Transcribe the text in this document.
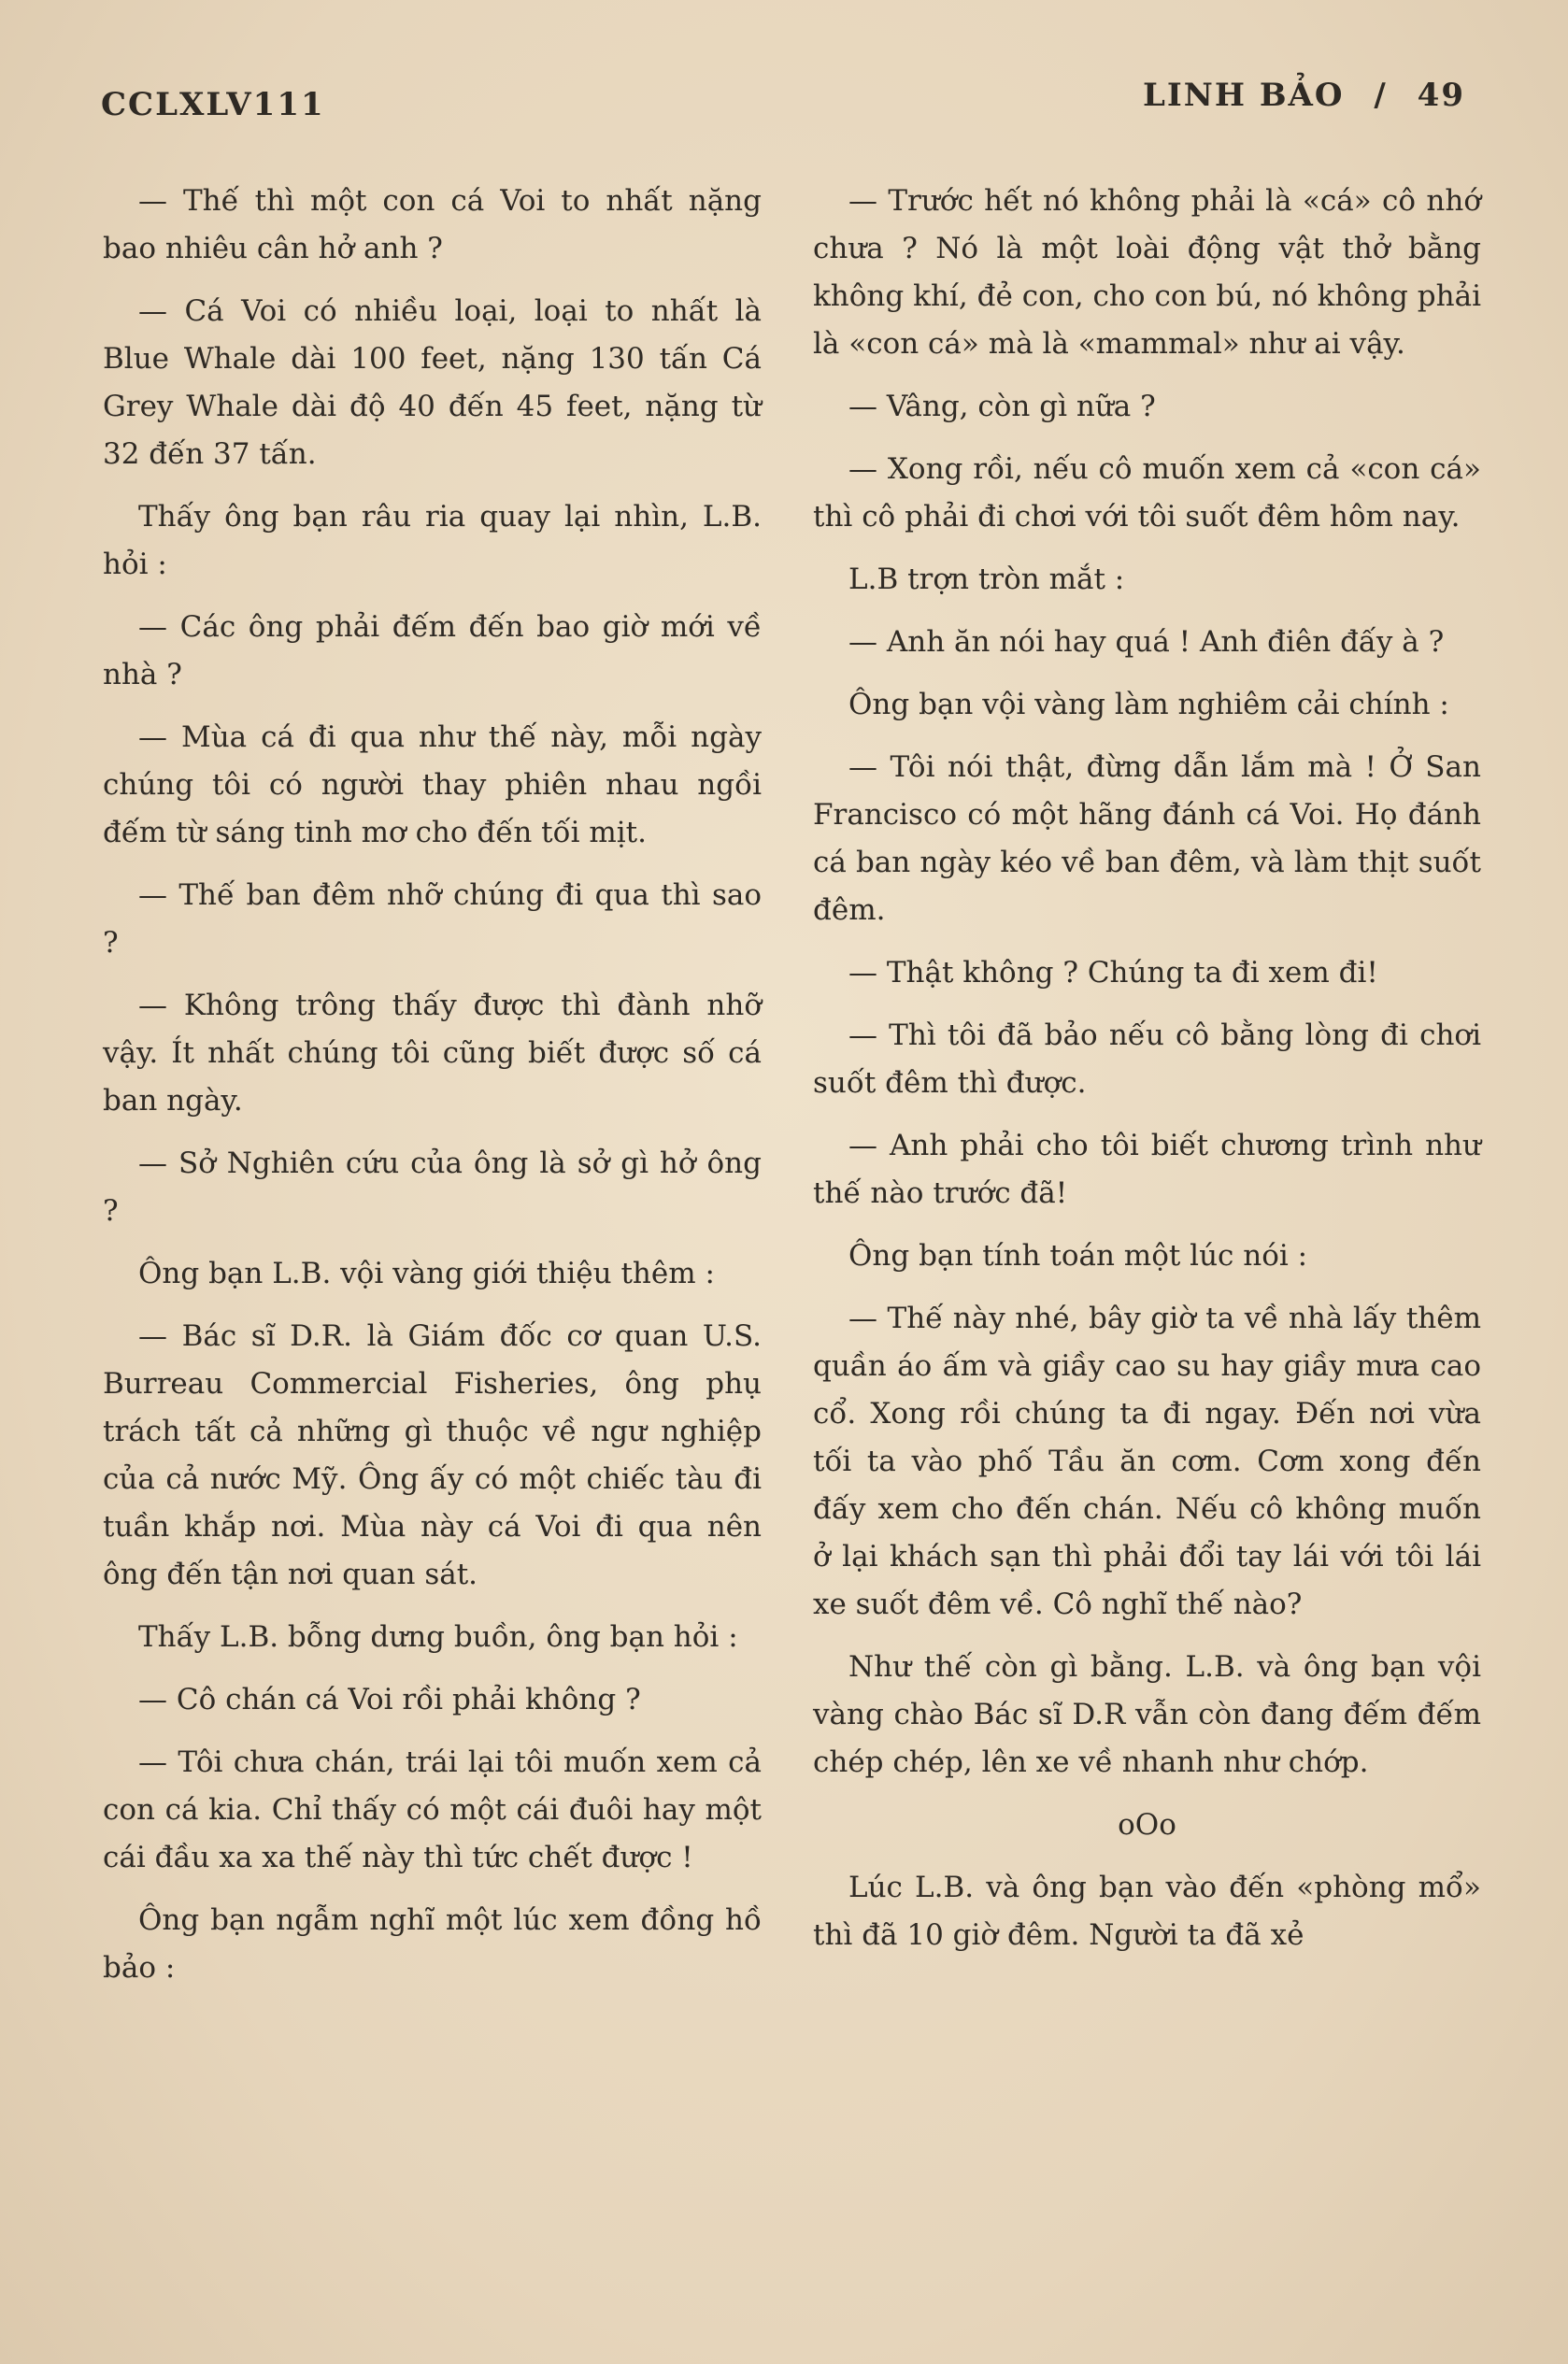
CCLXLV111	LINH BẢO / 49

— Thế thì một con cá Voi to nhất nặng bao nhiêu cân hở anh ?

— Cá Voi có nhiều loại, loại to nhất là Blue Whale dài 100 feet, nặng 130 tấn Cá Grey Whale dài độ 40 đến 45 feet, nặng từ 32 đến 37 tấn.

Thấy ông bạn râu ria quay lại nhìn, L.B. hỏi :

— Các ông phải đếm đến bao giờ mới về nhà ?

— Mùa cá đi qua như thế này, mỗi ngày chúng tôi có người thay phiên nhau ngồi đếm từ sáng tinh mơ cho đến tối mịt.

— Thế ban đêm nhỡ chúng đi qua thì sao ?

— Không trông thấy được thì đành nhỡ vậy. Ít nhất chúng tôi cũng biết được số cá ban ngày.

— Sở Nghiên cứu của ông là sở gì hở ông ?

Ông bạn L.B. vội vàng giới thiệu thêm :

— Bác sĩ D.R. là Giám đốc cơ quan U.S. Burreau Commercial Fisheries, ông phụ trách tất cả những gì thuộc về ngư nghiệp của cả nước Mỹ. Ông ấy có một chiếc tàu đi tuần khắp nơi. Mùa này cá Voi đi qua nên ông đến tận nơi quan sát.

Thấy L.B. bỗng dưng buồn, ông bạn hỏi :

— Cô chán cá Voi rồi phải không ?

— Tôi chưa chán, trái lại tôi muốn xem cả con cá kia. Chỉ thấy có một cái đuôi hay một cái đầu xa xa thế này thì tức chết được !

Ông bạn ngẫm nghĩ một lúc xem đồng hồ bảo :

— Trước hết nó không phải là «cá» cô nhớ chưa ? Nó là một loài động vật thở bằng không khí, đẻ con, cho con bú, nó không phải là «con cá» mà là «mammal» như ai vậy.

— Vâng, còn gì nữa ?

— Xong rồi, nếu cô muốn xem cả «con cá» thì cô phải đi chơi với tôi suốt đêm hôm nay.

L.B trợn tròn mắt :

— Anh ăn nói hay quá ! Anh điên đấy à ?

Ông bạn vội vàng làm nghiêm cải chính :

— Tôi nói thật, đừng dẫn lắm mà ! Ở San Francisco có một hãng đánh cá Voi. Họ đánh cá ban ngày kéo về ban đêm, và làm thịt suốt đêm.

— Thật không ? Chúng ta đi xem đi!

— Thì tôi đã bảo nếu cô bằng lòng đi chơi suốt đêm thì được.

— Anh phải cho tôi biết chương trình như thế nào trước đã!

Ông bạn tính toán một lúc nói :

— Thế này nhé, bây giờ ta về nhà lấy thêm quần áo ấm và giầy cao su hay giầy mưa cao cổ. Xong rồi chúng ta đi ngay. Đến nơi vừa tối ta vào phố Tầu ăn cơm. Cơm xong đến đấy xem cho đến chán. Nếu cô không muốn ở lại khách sạn thì phải đổi tay lái với tôi lái xe suốt đêm về. Cô nghĩ thế nào?

Như thế còn gì bằng. L.B. và ông bạn vội vàng chào Bác sĩ D.R vẫn còn đang đếm đếm chép chép, lên xe về nhanh như chớp.

oOo

Lúc L.B. và ông bạn vào đến «phòng mổ» thì đã 10 giờ đêm. Người ta đã xẻ
